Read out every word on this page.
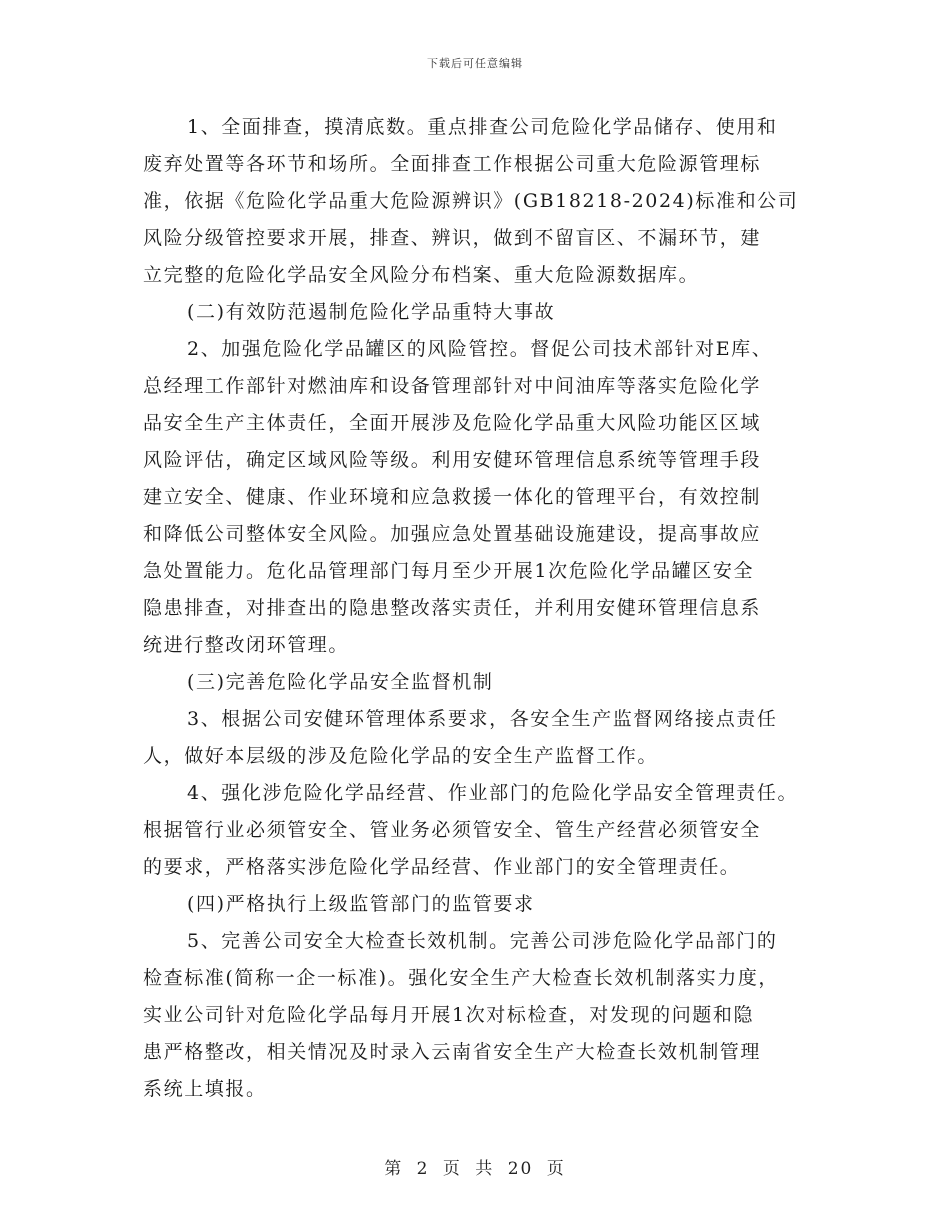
下载后可任意编辑
1、全面排查，摸清底数。重点排查公司危险化学品储存、使用和
废弃处置等各环节和场所。全面排查工作根据公司重大危险源管理标
准，依据《危险化学品重大危险源辨识》(GB18218-2024)标准和公司
风险分级管控要求开展，排查、辨识，做到不留盲区、不漏环节，建
立完整的危险化学品安全风险分布档案、重大危险源数据库。
(二)有效防范遏制危险化学品重特大事故
2、加强危险化学品罐区的风险管控。督促公司技术部针对E库、
总经理工作部针对燃油库和设备管理部针对中间油库等落实危险化学
品安全生产主体责任，全面开展涉及危险化学品重大风险功能区区域
风险评估，确定区域风险等级。利用安健环管理信息系统等管理手段
建立安全、健康、作业环境和应急救援一体化的管理平台，有效控制
和降低公司整体安全风险。加强应急处置基础设施建设，提高事故应
急处置能力。危化品管理部门每月至少开展1次危险化学品罐区安全
隐患排查，对排查出的隐患整改落实责任，并利用安健环管理信息系
统进行整改闭环管理。
(三)完善危险化学品安全监督机制
3、根据公司安健环管理体系要求，各安全生产监督网络接点责任
人，做好本层级的涉及危险化学品的安全生产监督工作。
4、强化涉危险化学品经营、作业部门的危险化学品安全管理责任。
根据管行业必须管安全、管业务必须管安全、管生产经营必须管安全
的要求，严格落实涉危险化学品经营、作业部门的安全管理责任。
(四)严格执行上级监管部门的监管要求
5、完善公司安全大检查长效机制。完善公司涉危险化学品部门的
检查标准(简称一企一标准)。强化安全生产大检查长效机制落实力度，
实业公司针对危险化学品每月开展1次对标检查，对发现的问题和隐
患严格整改，相关情况及时录入云南省安全生产大检查长效机制管理
系统上填报。
第 2 页 共 20 页
